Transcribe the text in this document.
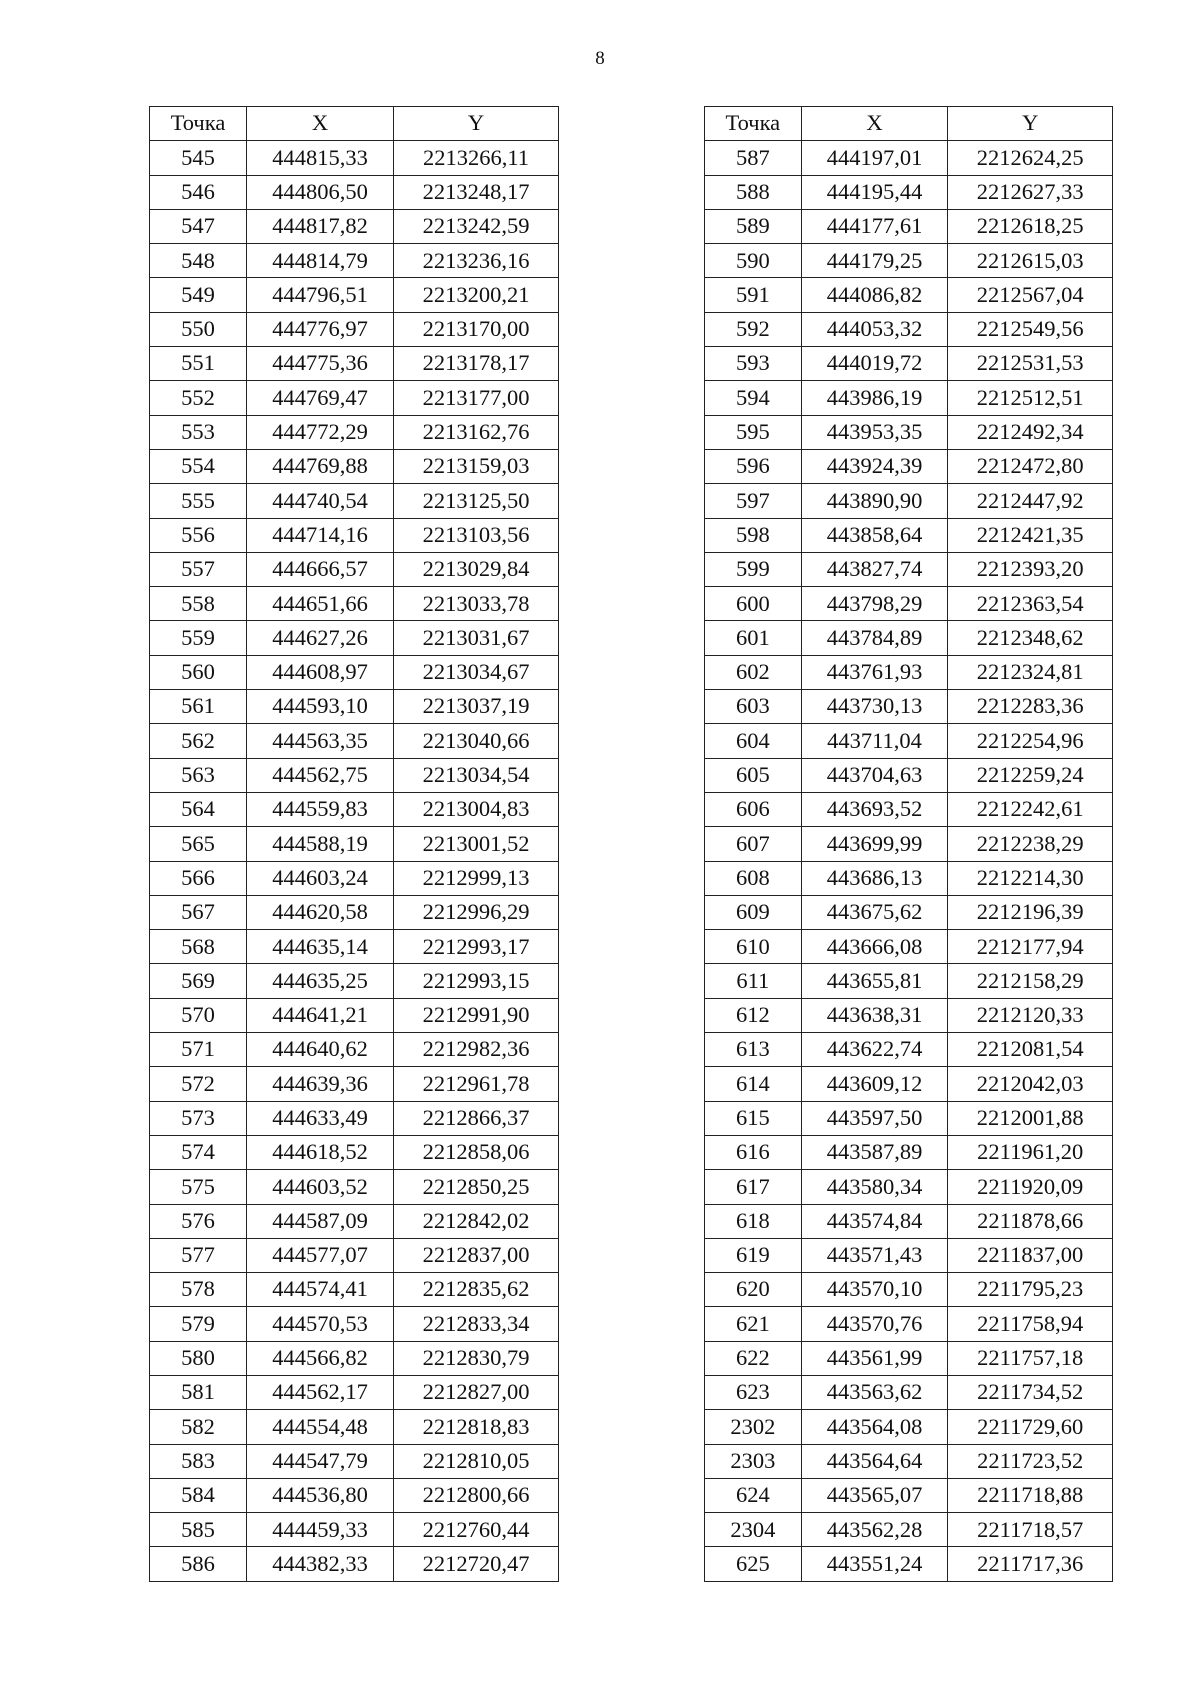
8
Точка	X	Y
545	444815,33	2213266,11
546	444806,50	2213248,17
547	444817,82	2213242,59
548	444814,79	2213236,16
549	444796,51	2213200,21
550	444776,97	2213170,00
551	444775,36	2213178,17
552	444769,47	2213177,00
553	444772,29	2213162,76
554	444769,88	2213159,03
555	444740,54	2213125,50
556	444714,16	2213103,56
557	444666,57	2213029,84
558	444651,66	2213033,78
559	444627,26	2213031,67
560	444608,97	2213034,67
561	444593,10	2213037,19
562	444563,35	2213040,66
563	444562,75	2213034,54
564	444559,83	2213004,83
565	444588,19	2213001,52
566	444603,24	2212999,13
567	444620,58	2212996,29
568	444635,14	2212993,17
569	444635,25	2212993,15
570	444641,21	2212991,90
571	444640,62	2212982,36
572	444639,36	2212961,78
573	444633,49	2212866,37
574	444618,52	2212858,06
575	444603,52	2212850,25
576	444587,09	2212842,02
577	444577,07	2212837,00
578	444574,41	2212835,62
579	444570,53	2212833,34
580	444566,82	2212830,79
581	444562,17	2212827,00
582	444554,48	2212818,83
583	444547,79	2212810,05
584	444536,80	2212800,66
585	444459,33	2212760,44
586	444382,33	2212720,47
Точка	X	Y
587	444197,01	2212624,25
588	444195,44	2212627,33
589	444177,61	2212618,25
590	444179,25	2212615,03
591	444086,82	2212567,04
592	444053,32	2212549,56
593	444019,72	2212531,53
594	443986,19	2212512,51
595	443953,35	2212492,34
596	443924,39	2212472,80
597	443890,90	2212447,92
598	443858,64	2212421,35
599	443827,74	2212393,20
600	443798,29	2212363,54
601	443784,89	2212348,62
602	443761,93	2212324,81
603	443730,13	2212283,36
604	443711,04	2212254,96
605	443704,63	2212259,24
606	443693,52	2212242,61
607	443699,99	2212238,29
608	443686,13	2212214,30
609	443675,62	2212196,39
610	443666,08	2212177,94
611	443655,81	2212158,29
612	443638,31	2212120,33
613	443622,74	2212081,54
614	443609,12	2212042,03
615	443597,50	2212001,88
616	443587,89	2211961,20
617	443580,34	2211920,09
618	443574,84	2211878,66
619	443571,43	2211837,00
620	443570,10	2211795,23
621	443570,76	2211758,94
622	443561,99	2211757,18
623	443563,62	2211734,52
2302	443564,08	2211729,60
2303	443564,64	2211723,52
624	443565,07	2211718,88
2304	443562,28	2211718,57
625	443551,24	2211717,36
